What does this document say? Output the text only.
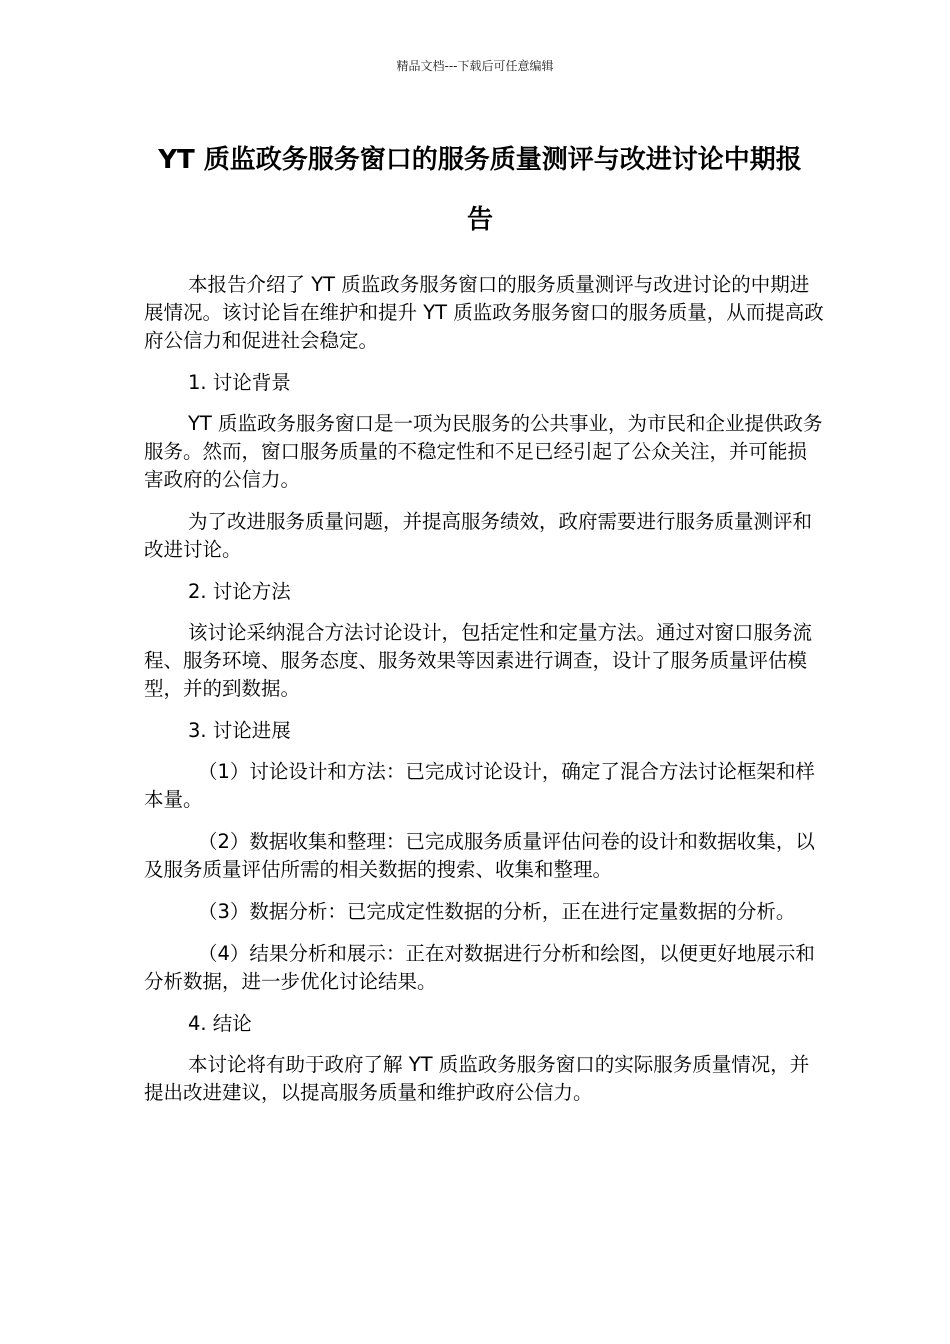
精品文档---下载后可任意编辑
YT 质监政务服务窗口的服务质量测评与改进讨论中期报告

本报告介绍了 YT 质监政务服务窗口的服务质量测评与改进讨论的中期进展情况。该讨论旨在维护和提升 YT 质监政务服务窗口的服务质量，从而提高政府公信力和促进社会稳定。

1. 讨论背景

YT 质监政务服务窗口是一项为民服务的公共事业，为市民和企业提供政务服务。然而，窗口服务质量的不稳定性和不足已经引起了公众关注，并可能损害政府的公信力。

为了改进服务质量问题，并提高服务绩效，政府需要进行服务质量测评和改进讨论。

2. 讨论方法

该讨论采纳混合方法讨论设计，包括定性和定量方法。通过对窗口服务流程、服务环境、服务态度、服务效果等因素进行调查，设计了服务质量评估模型，并的到数据。

3. 讨论进展

（1）讨论设计和方法：已完成讨论设计，确定了混合方法讨论框架和样本量。

（2）数据收集和整理：已完成服务质量评估问卷的设计和数据收集，以及服务质量评估所需的相关数据的搜索、收集和整理。

（3）数据分析：已完成定性数据的分析，正在进行定量数据的分析。

（4）结果分析和展示：正在对数据进行分析和绘图，以便更好地展示和分析数据，进一步优化讨论结果。

4. 结论

本讨论将有助于政府了解 YT 质监政务服务窗口的实际服务质量情况，并提出改进建议，以提高服务质量和维护政府公信力。
